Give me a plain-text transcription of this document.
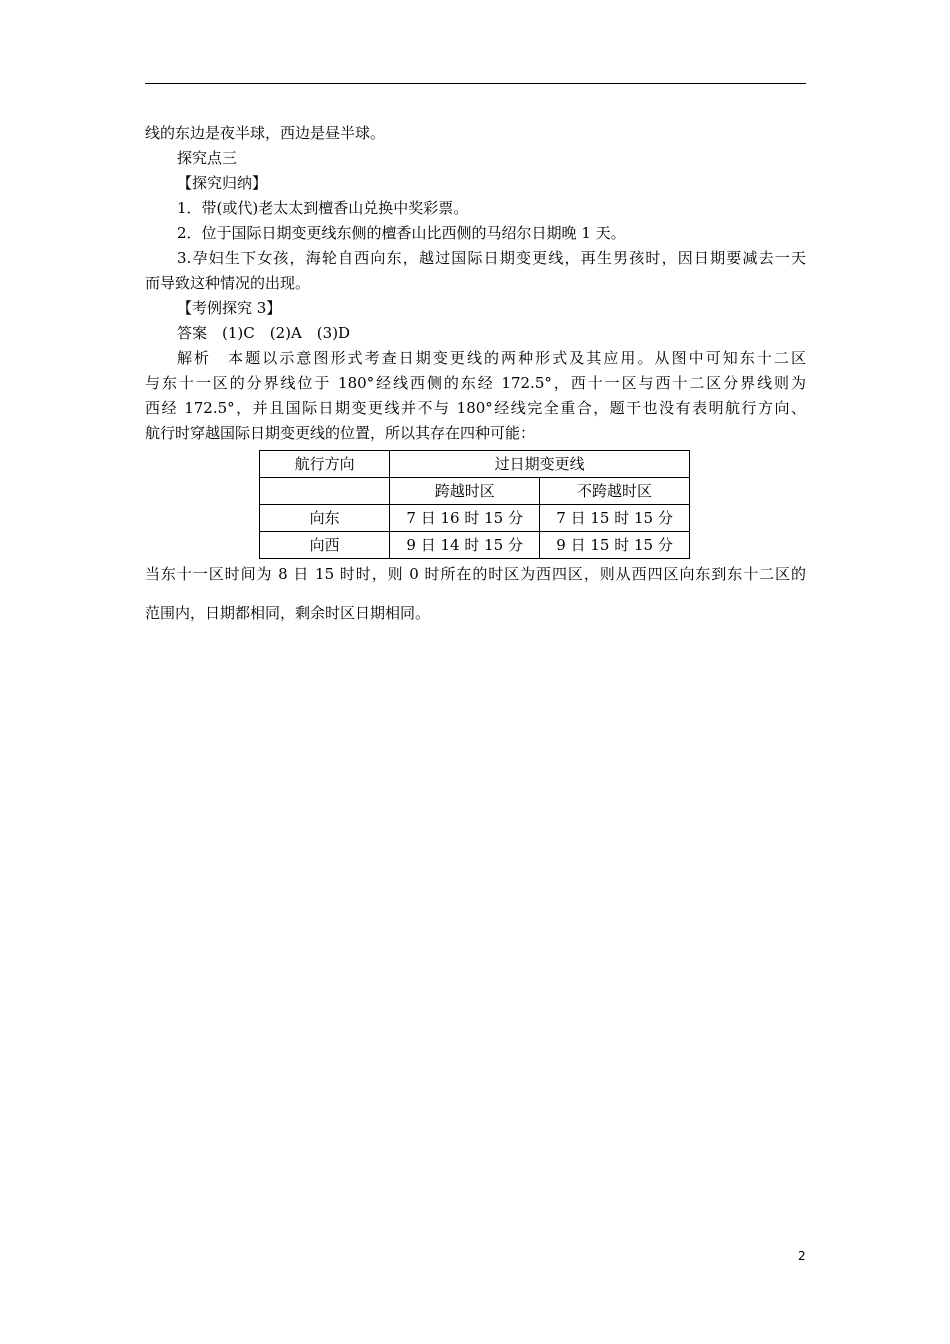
线的东边是夜半球，西边是昼半球。
探究点三
【探究归纳】
1．带(或代)老太太到檀香山兑换中奖彩票。
2．位于国际日期变更线东侧的檀香山比西侧的马绍尔日期晚 1 天。
3.孕妇生下女孩，海轮自西向东，越过国际日期变更线，再生男孩时，因日期要减去一天
而导致这种情况的出现。
【考例探究 3】
答案　(1)C　(2)A　(3)D
解析　本题以示意图形式考查日期变更线的两种形式及其应用。从图中可知东十二区
与东十一区的分界线位于 180°经线西侧的东经 172.5°，西十一区与西十二区分界线则为
西经 172.5°，并且国际日期变更线并不与 180°经线完全重合，题干也没有表明航行方向、
航行时穿越国际日期变更线的位置，所以其存在四种可能：
航行方向	过日期变更线	
	跨越时区	不跨越时区
向东	7 日 16 时 15 分	7 日 15 时 15 分
向西	9 日 14 时 15 分	9 日 15 时 15 分
当东十一区时间为 8 日 15 时时，则 0 时所在的时区为西四区，则从西四区向东到东十二区的
范围内，日期都相同，剩余时区日期相同。
2
